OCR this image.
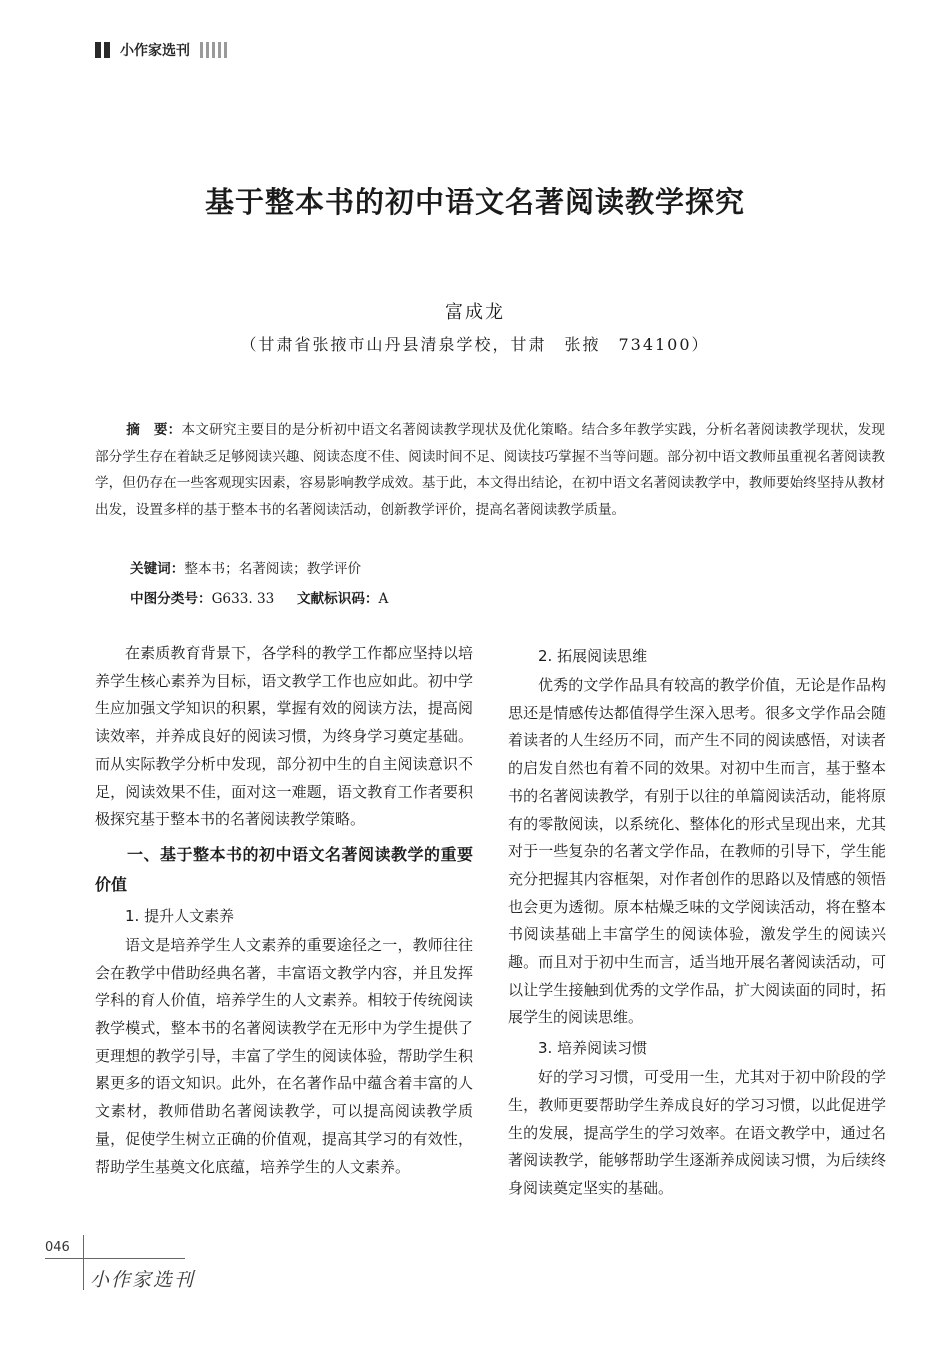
小作家选刊
基于整本书的初中语文名著阅读教学探究
富成龙
（甘肃省张掖市山丹县清泉学校，甘肃　张掖　734100）

摘　要：本文研究主要目的是分析初中语文名著阅读教学现状及优化策略。结合多年教学实践，分析名著阅读教学现状，发现部分学生存在着缺乏足够阅读兴趣、阅读态度不佳、阅读时间不足、阅读技巧掌握不当等问题。部分初中语文教师虽重视名著阅读教学，但仍存在一些客观现实因素，容易影响教学成效。基于此，本文得出结论，在初中语文名著阅读教学中，教师要始终坚持从教材出发，设置多样的基于整本书的名著阅读活动，创新教学评价，提高名著阅读教学质量。

关键词：整本书；名著阅读；教学评价
中图分类号：G633. 33 文献标识码：A

在素质教育背景下，各学科的教学工作都应坚持以培养学生核心素养为目标，语文教学工作也应如此。初中学生应加强文学知识的积累，掌握有效的阅读方法，提高阅读效率，并养成良好的阅读习惯，为终身学习奠定基础。而从实际教学分析中发现，部分初中生的自主阅读意识不足，阅读效果不佳，面对这一难题，语文教育工作者要积极探究基于整本书的名著阅读教学策略。

一、基于整本书的初中语文名著阅读教学的重要价值
1. 提升人文素养

语文是培养学生人文素养的重要途径之一，教师往往会在教学中借助经典名著，丰富语文教学内容，并且发挥学科的育人价值，培养学生的人文素养。相较于传统阅读教学模式，整本书的名著阅读教学在无形中为学生提供了更理想的教学引导，丰富了学生的阅读体验，帮助学生积累更多的语文知识。此外，在名著作品中蕴含着丰富的人文素材，教师借助名著阅读教学，可以提高阅读教学质量，促使学生树立正确的价值观，提高其学习的有效性，帮助学生基奠文化底蕴，培养学生的人文素养。

2. 拓展阅读思维

优秀的文学作品具有较高的教学价值，无论是作品构思还是情感传达都值得学生深入思考。很多文学作品会随着读者的人生经历不同，而产生不同的阅读感悟，对读者的启发自然也有着不同的效果。对初中生而言，基于整本书的名著阅读教学，有别于以往的单篇阅读活动，能将原有的零散阅读，以系统化、整体化的形式呈现出来，尤其对于一些复杂的名著文学作品，在教师的引导下，学生能充分把握其内容框架，对作者创作的思路以及情感的领悟也会更为透彻。原本枯燥乏味的文学阅读活动，将在整本书阅读基础上丰富学生的阅读体验，激发学生的阅读兴趣。而且对于初中生而言，适当地开展名著阅读活动，可以让学生接触到优秀的文学作品，扩大阅读面的同时，拓展学生的阅读思维。

3. 培养阅读习惯

好的学习习惯，可受用一生，尤其对于初中阶段的学生，教师更要帮助学生养成良好的学习习惯，以此促进学生的发展，提高学生的学习效率。在语文教学中，通过名著阅读教学，能够帮助学生逐渐养成阅读习惯，为后续终身阅读奠定坚实的基础。

046
小作家选刊
